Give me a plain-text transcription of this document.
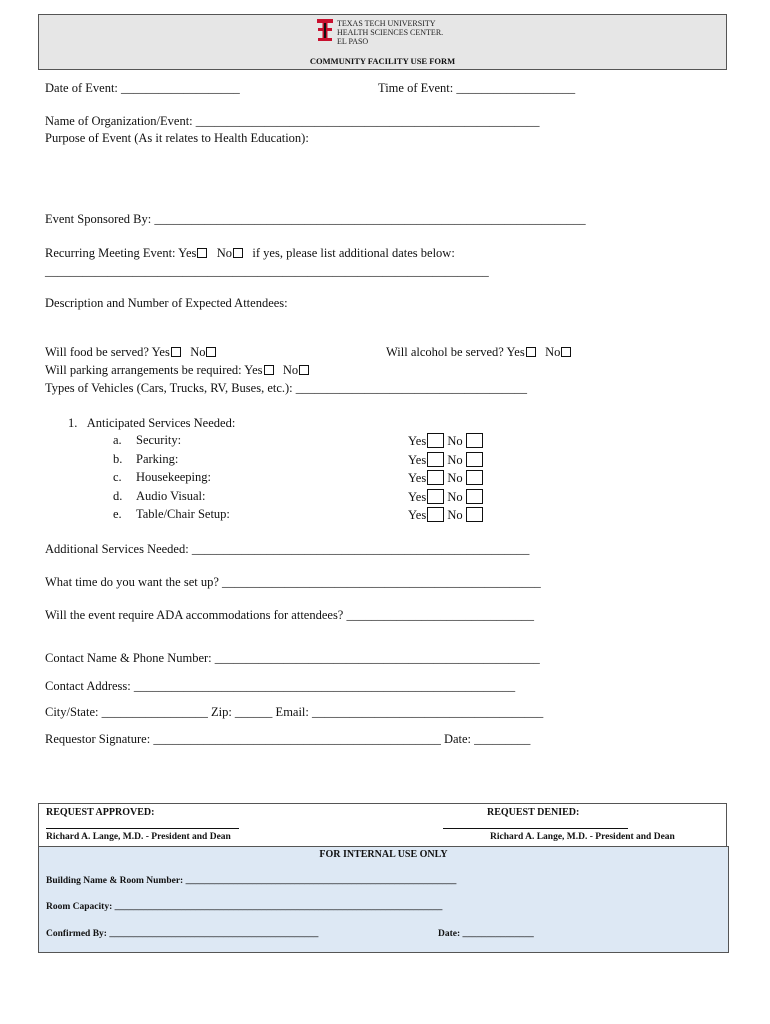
TEXAS TECH UNIVERSITY
HEALTH SCIENCES CENTER.
EL PASO
COMMUNITY FACILITY USE FORM
Date of Event: ___________________	Time of Event: ___________________
Name of Organization/Event: _______________________________________________________
Purpose of Event (As it relates to Health Education):
Event Sponsored By: _____________________________________________________________________
Recurring Meeting Event: Yes No if yes, please list additional dates below:
_______________________________________________________________________
Description and Number of Expected Attendees:
Will food be served? Yes No	Will alcohol be served? Yes No
Will parking arrangements be required: Yes No
Types of Vehicles (Cars, Trucks, RV, Buses, etc.): _____________________________________
1. Anticipated Services Needed:
a. Security:	Yes No
b. Parking:	Yes No
c. Housekeeping:	Yes No
d. Audio Visual:	Yes No
e. Table/Chair Setup:	Yes No
Additional Services Needed: ______________________________________________________
What time do you want the set up? ___________________________________________________
Will the event require ADA accommodations for attendees? ______________________________
Contact Name & Phone Number: ____________________________________________________
Contact Address: _____________________________________________________________
City/State: _________________ Zip: ______ Email: _____________________________________
Requestor Signature: ______________________________________________ Date: _________
REQUEST APPROVED:	REQUEST DENIED:
Richard A. Lange, M.D. - President and Dean	Richard A. Lange, M.D. - President and Dean
FOR INTERNAL USE ONLY
Building Name & Room Number: _________________________________________________________
Room Capacity: _____________________________________________________________________
Confirmed By: ____________________________________________	Date: _______________
